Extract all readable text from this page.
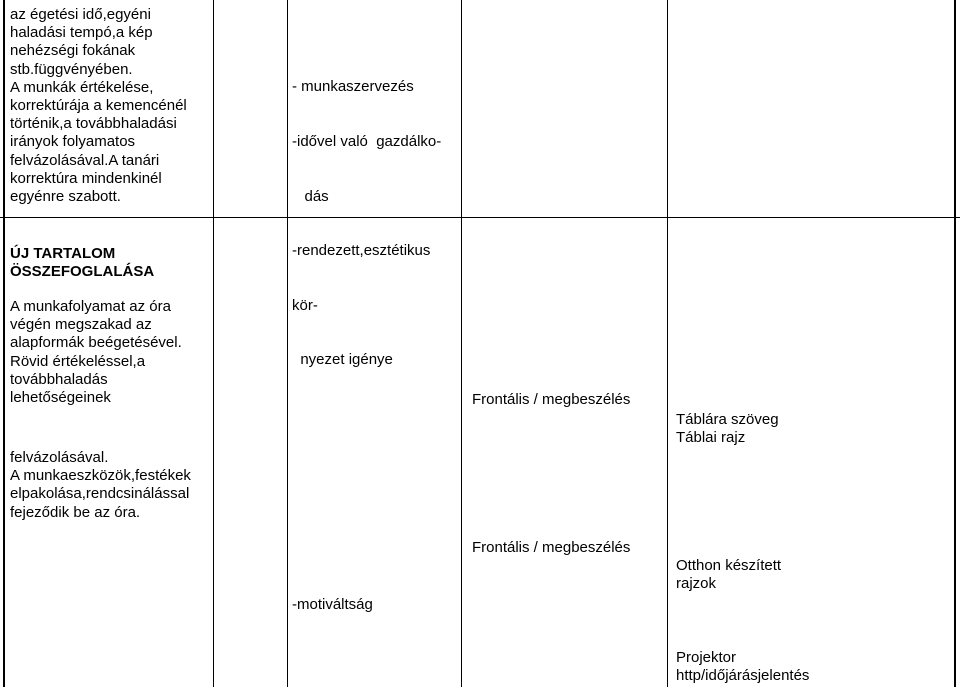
az égetési idő,egyéni
haladási tempó,a kép
nehézségi fokának
stb.függvényében.
A munkák értékelése,
korrektúrája a kemencénél
történik,a továbbhaladási
irányok folyamatos
felvázolásával.A tanári
korrektúra mindenkinél
egyénre szabott.

- munkaszervezés

-idővel való  gazdálko-

dás

-rendezett,esztétikus

kör-

nyezet igénye

ÚJ TARTALOM
ÖSSZEFOGLALÁSA
A munkafolyamat az óra
végén megszakad az
alapformák beégetésével.
Rövid értékeléssel,a
továbbhaladás
lehetőségeinek
felvázolásával.
A munkaeszközök,festékek
elpakolása,rendcsinálással
fejeződik be az óra.
Frontális / megbeszélés
Táblára szöveg
Táblai rajz
Frontális / megbeszélés
-motiváltság
Otthon készített
rajzok
Projektor
http/időjárásjelentés
